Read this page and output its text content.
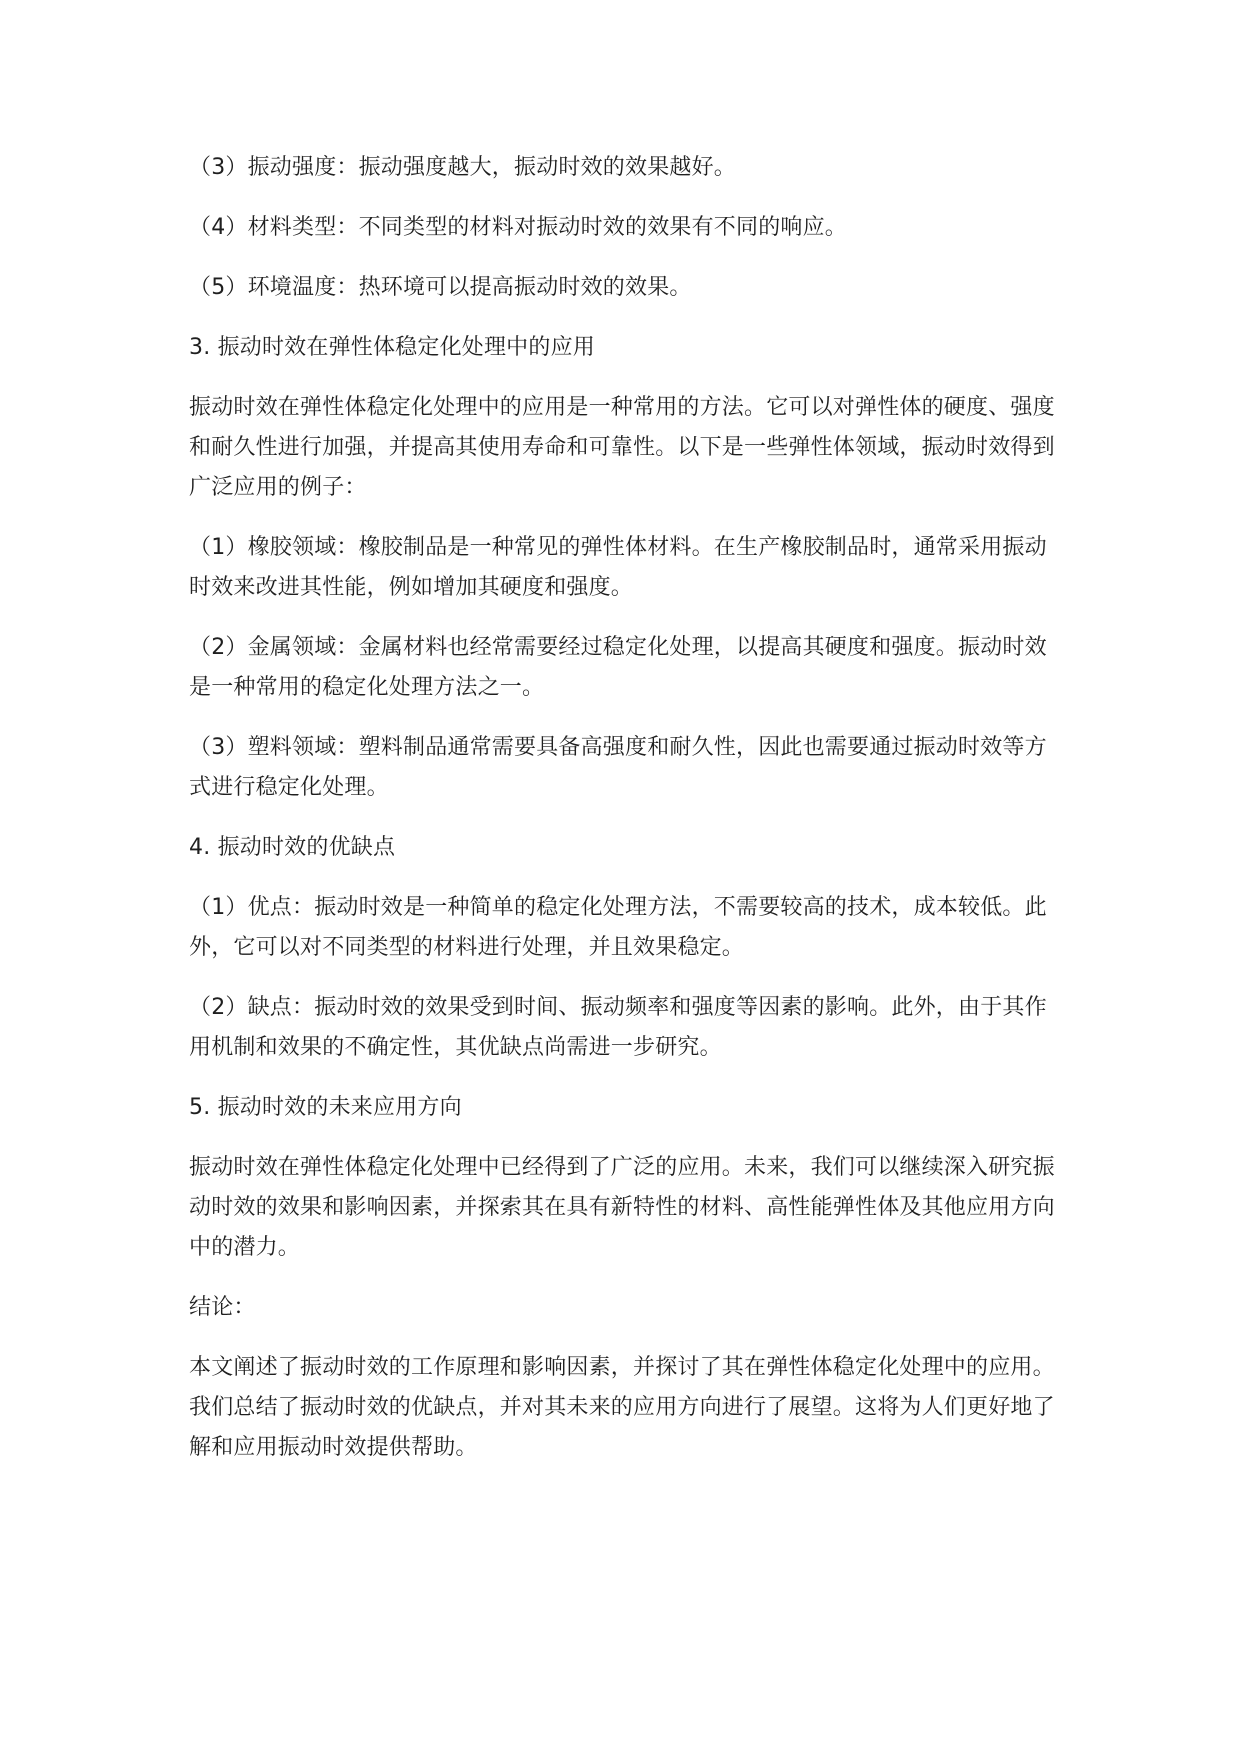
（3）振动强度：振动强度越大，振动时效的效果越好。

（4）材料类型：不同类型的材料对振动时效的效果有不同的响应。

（5）环境温度：热环境可以提高振动时效的效果。

3. 振动时效在弹性体稳定化处理中的应用

振动时效在弹性体稳定化处理中的应用是一种常用的方法。它可以对弹性体的硬度、强度和耐久性进行加强，并提高其使用寿命和可靠性。以下是一些弹性体领域，振动时效得到广泛应用的例子：

（1）橡胶领域：橡胶制品是一种常见的弹性体材料。在生产橡胶制品时，通常采用振动时效来改进其性能，例如增加其硬度和强度。

（2）金属领域：金属材料也经常需要经过稳定化处理，以提高其硬度和强度。振动时效是一种常用的稳定化处理方法之一。

（3）塑料领域：塑料制品通常需要具备高强度和耐久性，因此也需要通过振动时效等方式进行稳定化处理。

4. 振动时效的优缺点

（1）优点：振动时效是一种简单的稳定化处理方法，不需要较高的技术，成本较低。此外，它可以对不同类型的材料进行处理，并且效果稳定。

（2）缺点：振动时效的效果受到时间、振动频率和强度等因素的影响。此外，由于其作用机制和效果的不确定性，其优缺点尚需进一步研究。

5. 振动时效的未来应用方向

振动时效在弹性体稳定化处理中已经得到了广泛的应用。未来，我们可以继续深入研究振动时效的效果和影响因素，并探索其在具有新特性的材料、高性能弹性体及其他应用方向中的潜力。

结论：

本文阐述了振动时效的工作原理和影响因素，并探讨了其在弹性体稳定化处理中的应用。我们总结了振动时效的优缺点，并对其未来的应用方向进行了展望。这将为人们更好地了解和应用振动时效提供帮助。
